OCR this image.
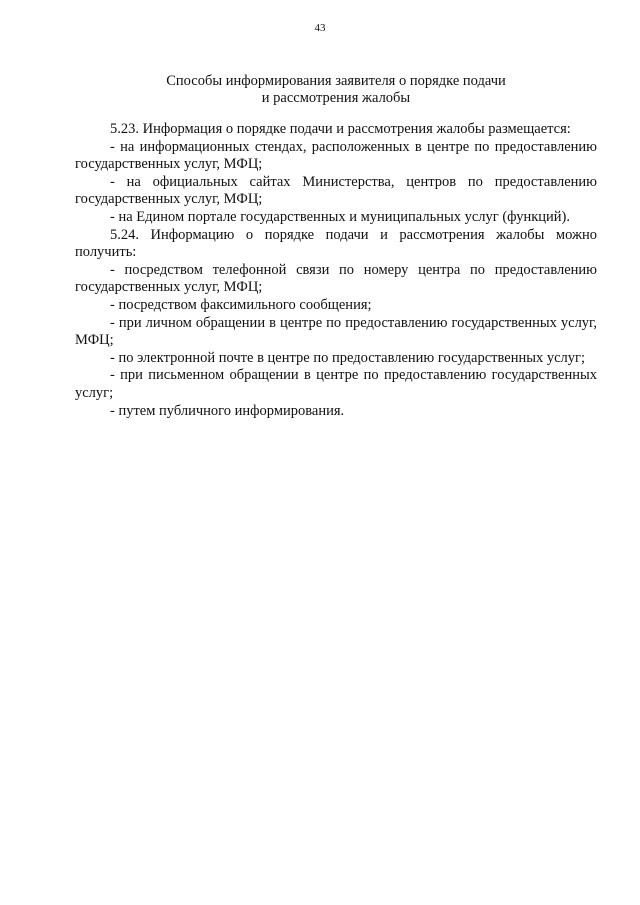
43
Способы информирования заявителя о порядке подачи
и рассмотрения жалобы

5.23. Информация о порядке подачи и рассмотрения жалобы размещается:

- на информационных стендах, расположенных в центре по предоставлению государственных услуг, МФЦ;

- на официальных сайтах Министерства, центров по предоставлению государственных услуг, МФЦ;

- на Едином портале государственных и муниципальных услуг (функций).

5.24. Информацию о порядке подачи и рассмотрения жалобы можно получить:

- посредством телефонной связи по номеру центра по предоставлению государственных услуг, МФЦ;

- посредством факсимильного сообщения;

- при личном обращении в центре по предоставлению государственных услуг, МФЦ;

- по электронной почте в центре по предоставлению государственных услуг;

- при письменном обращении в центре по предоставлению государственных услуг;

- путем публичного информирования.
